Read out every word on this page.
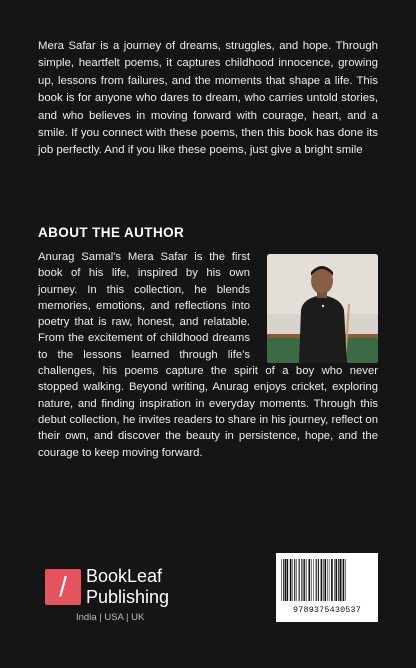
Mera Safar is a journey of dreams, struggles, and hope. Through simple, heartfelt poems, it captures childhood innocence, growing up, lessons from failures, and the moments that shape a life. This book is for anyone who dares to dream, who carries untold stories, and who believes in moving forward with courage, heart, and a smile. If you connect with these poems, then this book has done its job perfectly. And if you like these poems, just give a bright smile

ABOUT THE AUTHOR
Anurag Samal's Mera Safar is the first book of his life, inspired by his own journey. In this collection, he blends memories, emotions, and reflections into poetry that is raw, honest, and relatable. From the excitement of childhood dreams to the lessons learned through life's challenges, his poems capture the spirit of a boy who never stopped walking. Beyond writing, Anurag enjoys cricket, exploring nature, and finding inspiration in everyday moments. Through this debut collection, he invites readers to share in his journey, reflect on their own, and discover the beauty in persistence, hope, and the courage to keep moving forward.
/	BookLeaf
Publishing
India | USA | UK
9789375430537
